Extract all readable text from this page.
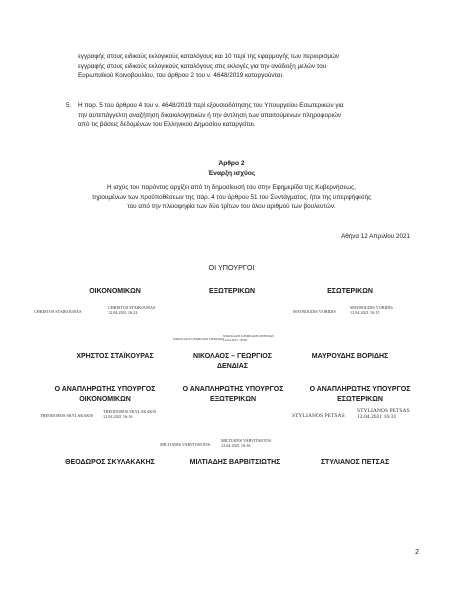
εγγραφής στους ειδικούς εκλογικούς καταλόγους και 10 περί της εφαρμογής των περιορισμών
εγγραφής στους ειδικούς εκλογικούς καταλόγους στις εκλογές για την ανάδειξη μελών του
Ευρωπαϊκού Κοινοβουλίου, του άρθρου 2 του ν. 4648/2019 καταργούνται.
5.	Η παρ. 5 του άρθρου 4 του ν. 4648/2019 περί εξουσιοδότησης του Υπουργείου Εσωτερικών για
την αυτεπάγγελτη αναζήτηση δικαιολογητικών ή την άντληση των απαιτούμενων πληροφοριών
από τις βάσεις δεδομένων του Ελληνικού Δημοσίου καταργείται.
Άρθρο 2
Έναρξη ισχύος
Η ισχύς του παρόντος αρχίζει από τη δημοσίευσή του στην Εφημερίδα της Κυβερνήσεως,
τηρουμένων των προϋποθέσεων της παρ. 4 του άρθρου 51 του Συντάγματος, ήτοι της υπερψήφισής
του από την πλειοψηφία των δύο τρίτων του όλου αριθμού των βουλευτών.
Αθήνα 12 Απριλίου 2021
ΟΙ ΥΠΟΥΡΓΟΙ
ΟΙΚΟΝΟΜΙΚΩΝ	ΕΞΩΤΕΡΙΚΩΝ	ΕΣΩΤΕΡΙΚΩΝ
CHRISTOS STAIKOURAS
CHRISTOS STAIKOURAS
12.04.2021 16:22	MAVROUDIS VORIDIS
MAVROUDIS VORIDIS
12.04.2021 16:15
NIKOLAOS GEORGIOS DENDIAS
NIKOLAOS GEORGIOS DENDIAS
12.04.2021 18:48
ΧΡΗΣΤΟΣ ΣΤΑΪΚΟΥΡΑΣ	ΝΙΚΟΛΑΟΣ – ΓΕΩΡΓΙΟΣ
ΔΕΝΔΙΑΣ
ΜΑΥΡΟΥΔΗΣ ΒΟΡΙΔΗΣ
Ο ΑΝΑΠΛΗΡΩΤΗΣ ΥΠΟΥΡΓΟΣ
ΟΙΚΟΝΟΜΙΚΩΝ
Ο ΑΝΑΠΛΗΡΩΤΗΣ ΥΠΟΥΡΓΟΣ
ΕΞΩΤΕΡΙΚΩΝ
Ο ΑΝΑΠΛΗΡΩΤΗΣ ΥΠΟΥΡΓΟΣ
ΕΣΩΤΕΡΙΚΩΝ
THEODOROS SKYLAKAKIS
THEODOROS SKYLAKAKIS
12.04.2021 16:16	STYLIANOS PETSAS
STYLIANOS PETSAS
12.04.2021 16:31
MILTIADIS VARVITSIOTIS
MILTIADIS VARVITSIOTIS
12.04.2021 16:36
ΘΕΟΔΩΡΟΣ ΣΚΥΛΑΚΑΚΗΣ	ΜΙΛΤΙΑΔΗΣ ΒΑΡΒΙΤΣΙΩΤΗΣ	ΣΤΥΛΙΑΝΟΣ ΠΕΤΣΑΣ
2
